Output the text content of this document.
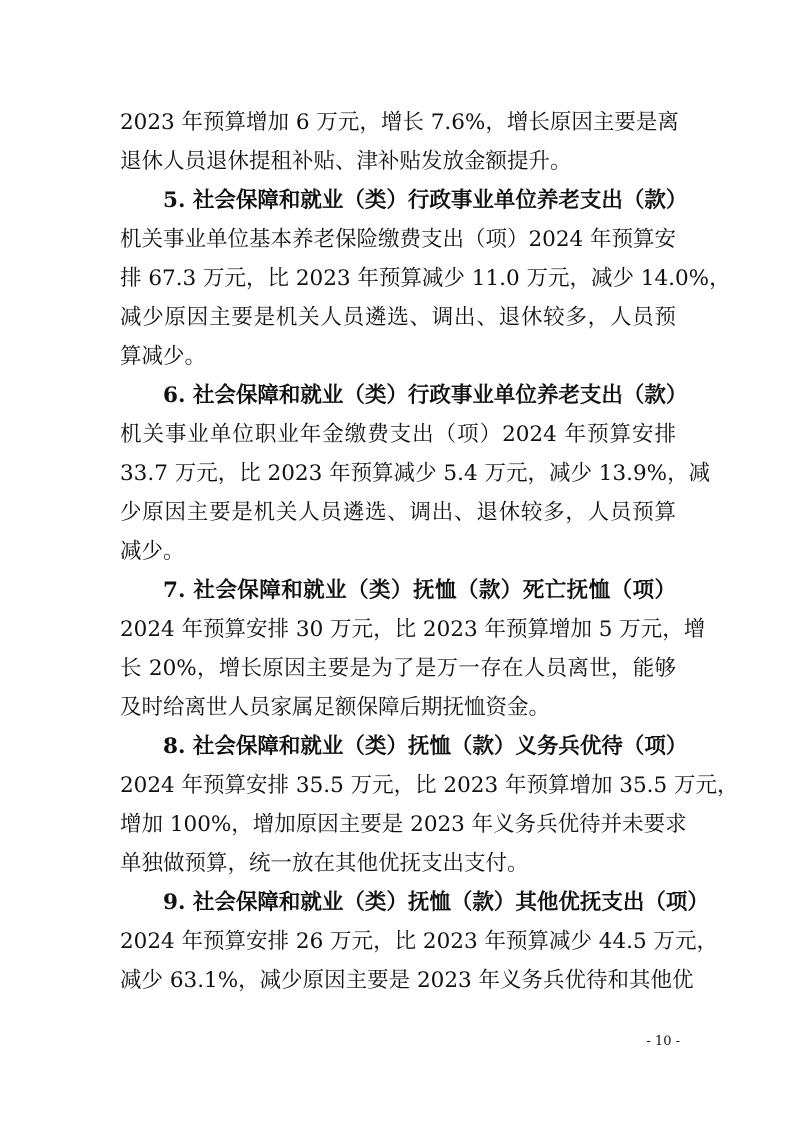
2023 年预算增加 6 万元，增长 7.6%，增长原因主要是离
退休人员退休提租补贴、津补贴发放金额提升。
5. 社会保障和就业（类）行政事业单位养老支出（款）
机关事业单位基本养老保险缴费支出（项）2024 年预算安
排 67.3 万元，比 2023 年预算减少 11.0 万元，减少 14.0%，
减少原因主要是机关人员遴选、调出、退休较多，人员预
算减少。
6. 社会保障和就业（类）行政事业单位养老支出（款）
机关事业单位职业年金缴费支出（项）2024 年预算安排
33.7 万元，比 2023 年预算减少 5.4 万元，减少 13.9%，减
少原因主要是机关人员遴选、调出、退休较多，人员预算
减少。
7. 社会保障和就业（类）抚恤（款）死亡抚恤（项）
2024 年预算安排 30 万元，比 2023 年预算增加 5 万元，增
长 20%，增长原因主要是为了是万一存在人员离世，能够
及时给离世人员家属足额保障后期抚恤资金。
8. 社会保障和就业（类）抚恤（款）义务兵优待（项）
2024 年预算安排 35.5 万元，比 2023 年预算增加 35.5 万元，
增加 100%，增加原因主要是 2023 年义务兵优待并未要求
单独做预算，统一放在其他优抚支出支付。
9. 社会保障和就业（类）抚恤（款）其他优抚支出（项）
2024 年预算安排 26 万元，比 2023 年预算减少 44.5 万元，
减少 63.1%，减少原因主要是 2023 年义务兵优待和其他优
- 10 -
